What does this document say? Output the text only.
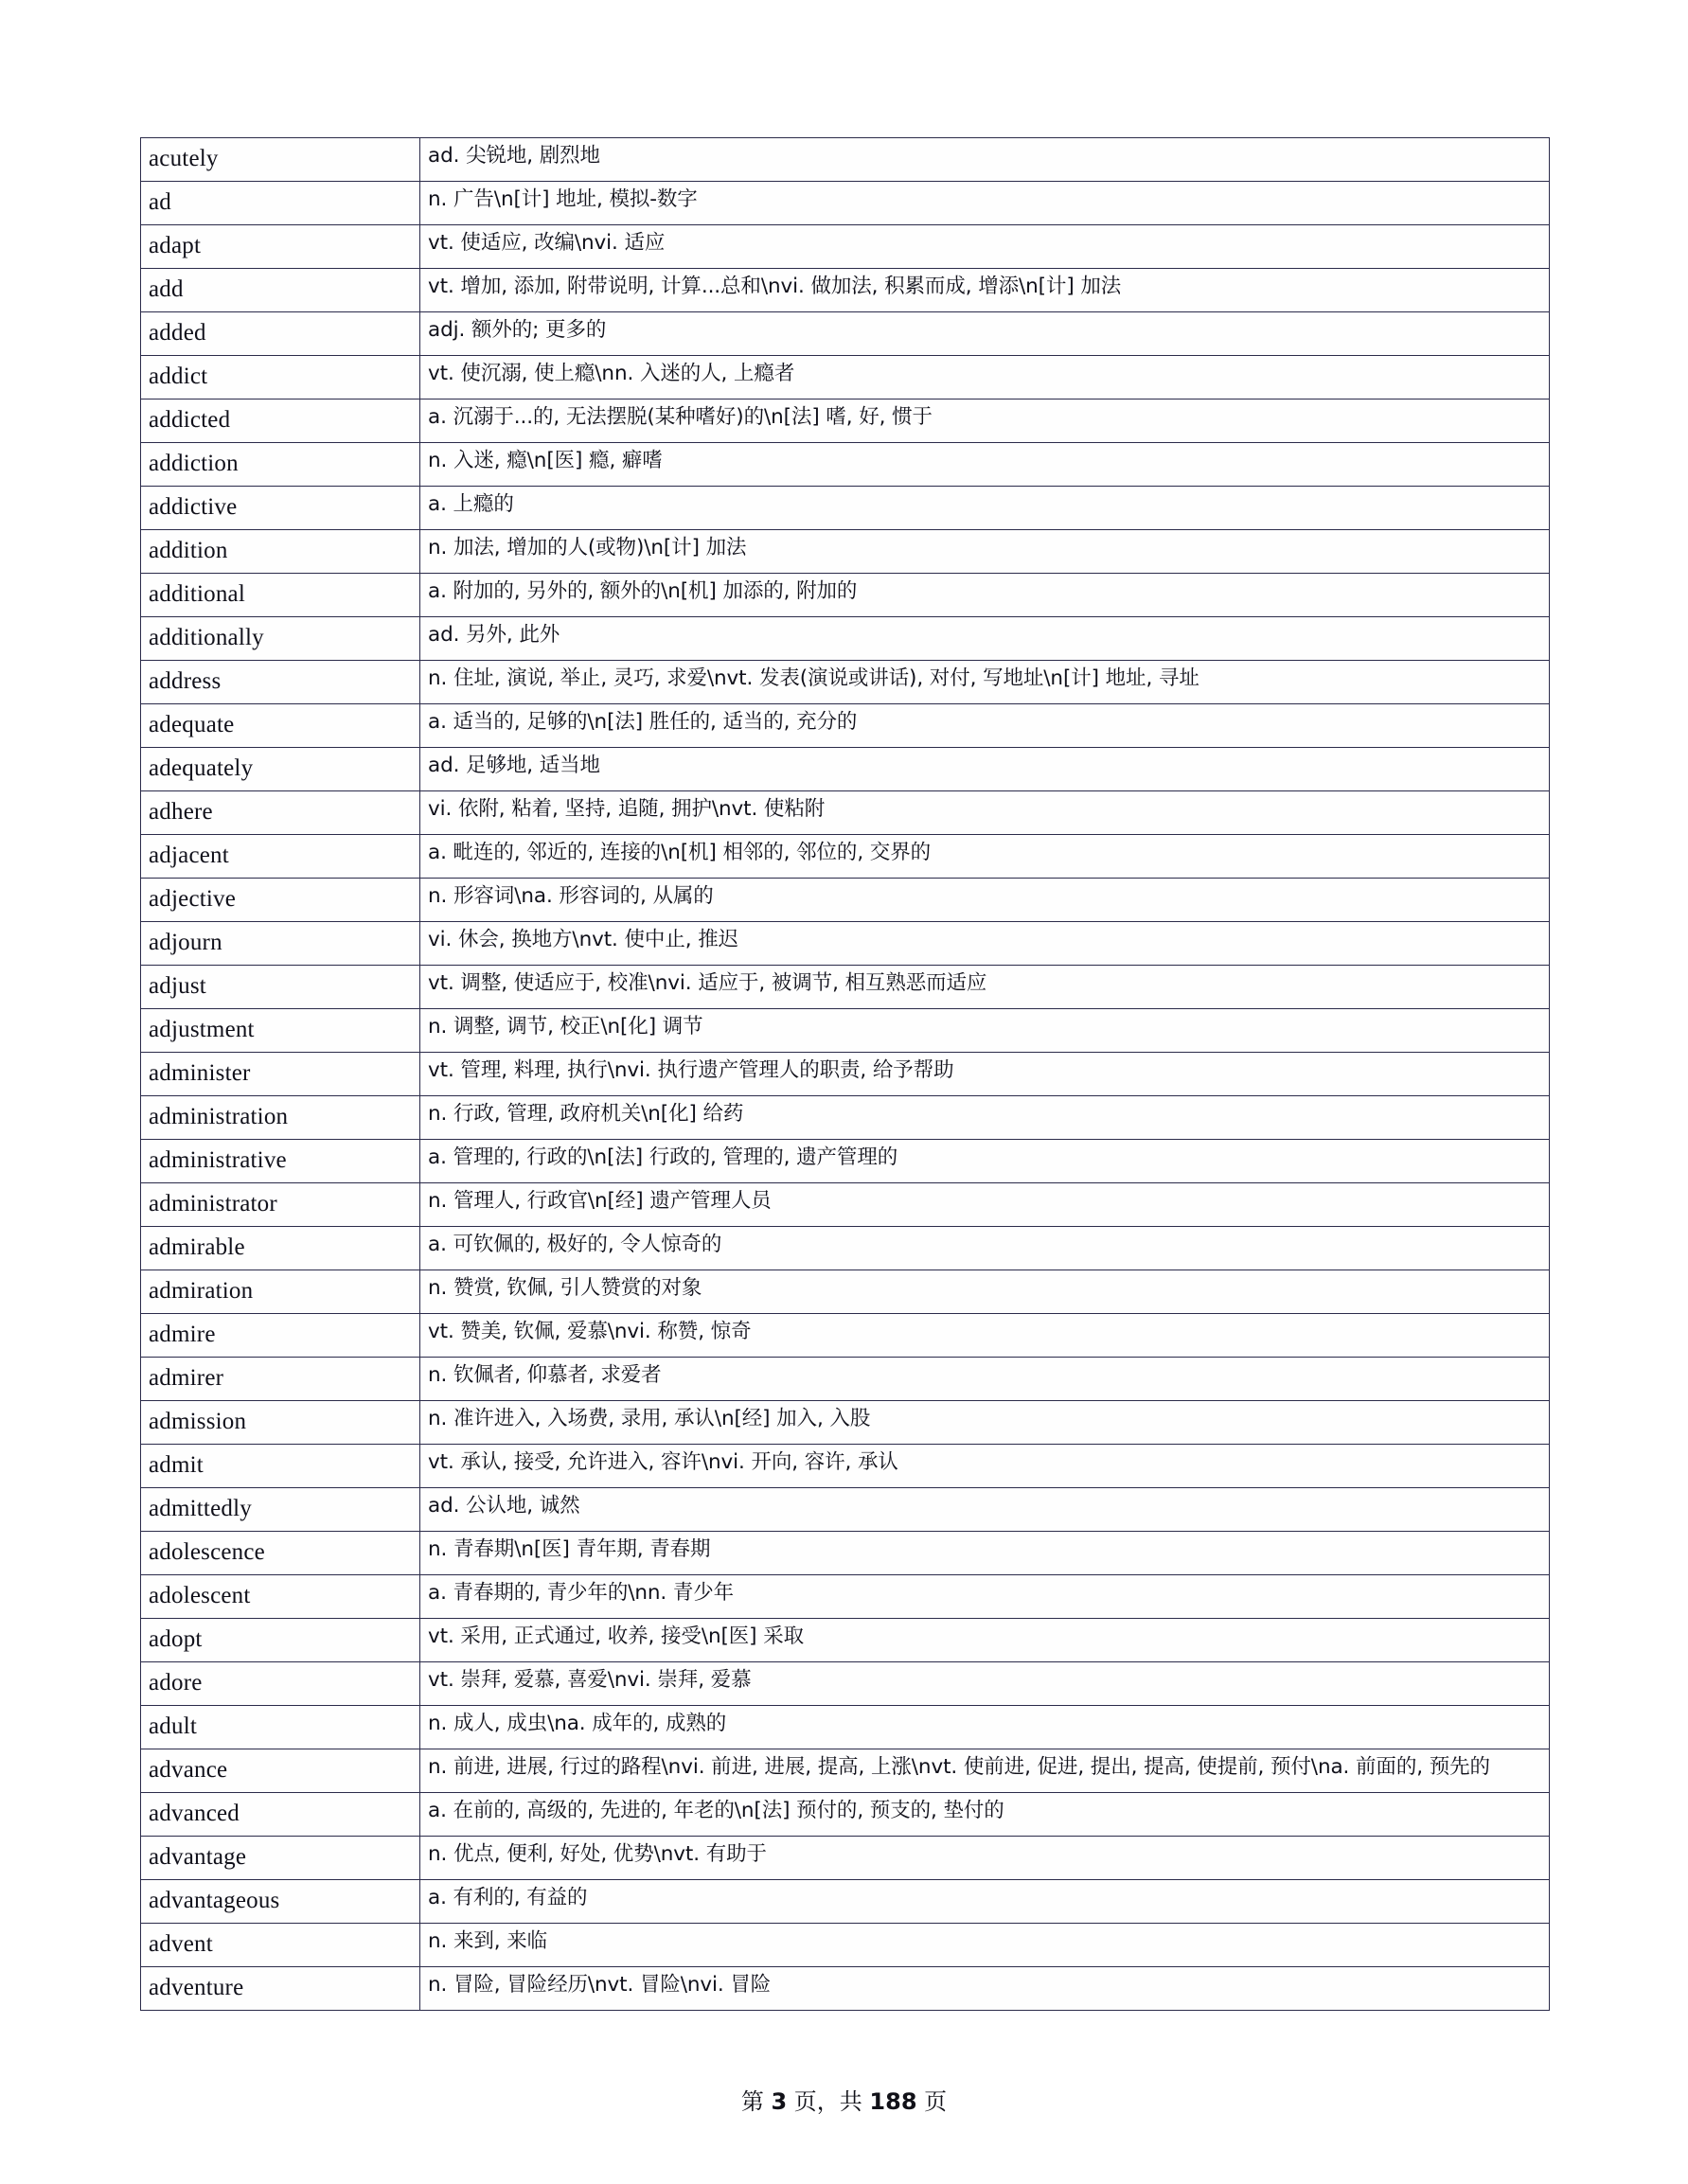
acutely	ad. 尖锐地, 剧烈地
ad	n. 广告\n[计] 地址, 模拟-数字
adapt	vt. 使适应, 改编\nvi. 适应
add	vt. 增加, 添加, 附带说明, 计算...总和\nvi. 做加法, 积累而成, 增添\n[计] 加法
added	adj. 额外的; 更多的
addict	vt. 使沉溺, 使上瘾\nn. 入迷的人, 上瘾者
addicted	a. 沉溺于...的, 无法摆脱(某种嗜好)的\n[法] 嗜, 好, 惯于
addiction	n. 入迷, 瘾\n[医] 瘾, 癖嗜
addictive	a. 上瘾的
addition	n. 加法, 增加的人(或物)\n[计] 加法
additional	a. 附加的, 另外的, 额外的\n[机] 加添的, 附加的
additionally	ad. 另外, 此外
address	n. 住址, 演说, 举止, 灵巧, 求爱\nvt. 发表(演说或讲话), 对付, 写地址\n[计] 地址, 寻址
adequate	a. 适当的, 足够的\n[法] 胜任的, 适当的, 充分的
adequately	ad. 足够地, 适当地
adhere	vi. 依附, 粘着, 坚持, 追随, 拥护\nvt. 使粘附
adjacent	a. 毗连的, 邻近的, 连接的\n[机] 相邻的, 邻位的, 交界的
adjective	n. 形容词\na. 形容词的, 从属的
adjourn	vi. 休会, 换地方\nvt. 使中止, 推迟
adjust	vt. 调整, 使适应于, 校准\nvi. 适应于, 被调节, 相互熟恶而适应
adjustment	n. 调整, 调节, 校正\n[化] 调节
administer	vt. 管理, 料理, 执行\nvi. 执行遗产管理人的职责, 给予帮助
administration	n. 行政, 管理, 政府机关\n[化] 给药
administrative	a. 管理的, 行政的\n[法] 行政的, 管理的, 遗产管理的
administrator	n. 管理人, 行政官\n[经] 遗产管理人员
admirable	a. 可钦佩的, 极好的, 令人惊奇的
admiration	n. 赞赏, 钦佩, 引人赞赏的对象
admire	vt. 赞美, 钦佩, 爱慕\nvi. 称赞, 惊奇
admirer	n. 钦佩者, 仰慕者, 求爱者
admission	n. 准许进入, 入场费, 录用, 承认\n[经] 加入, 入股
admit	vt. 承认, 接受, 允许进入, 容许\nvi. 开向, 容许, 承认
admittedly	ad. 公认地, 诚然
adolescence	n. 青春期\n[医] 青年期, 青春期
adolescent	a. 青春期的, 青少年的\nn. 青少年
adopt	vt. 采用, 正式通过, 收养, 接受\n[医] 采取
adore	vt. 崇拜, 爱慕, 喜爱\nvi. 崇拜, 爱慕
adult	n. 成人, 成虫\na. 成年的, 成熟的
advance	n. 前进, 进展, 行过的路程\nvi. 前进, 进展, 提高, 上涨\nvt. 使前进, 促进, 提出, 提高, 使提前, 预付\na. 前面的, 预先的
advanced	a. 在前的, 高级的, 先进的, 年老的\n[法] 预付的, 预支的, 垫付的
advantage	n. 优点, 便利, 好处, 优势\nvt. 有助于
advantageous	a. 有利的, 有益的
advent	n. 来到, 来临
adventure	n. 冒险, 冒险经历\nvt. 冒险\nvi. 冒险
第 3 页，共 188 页
